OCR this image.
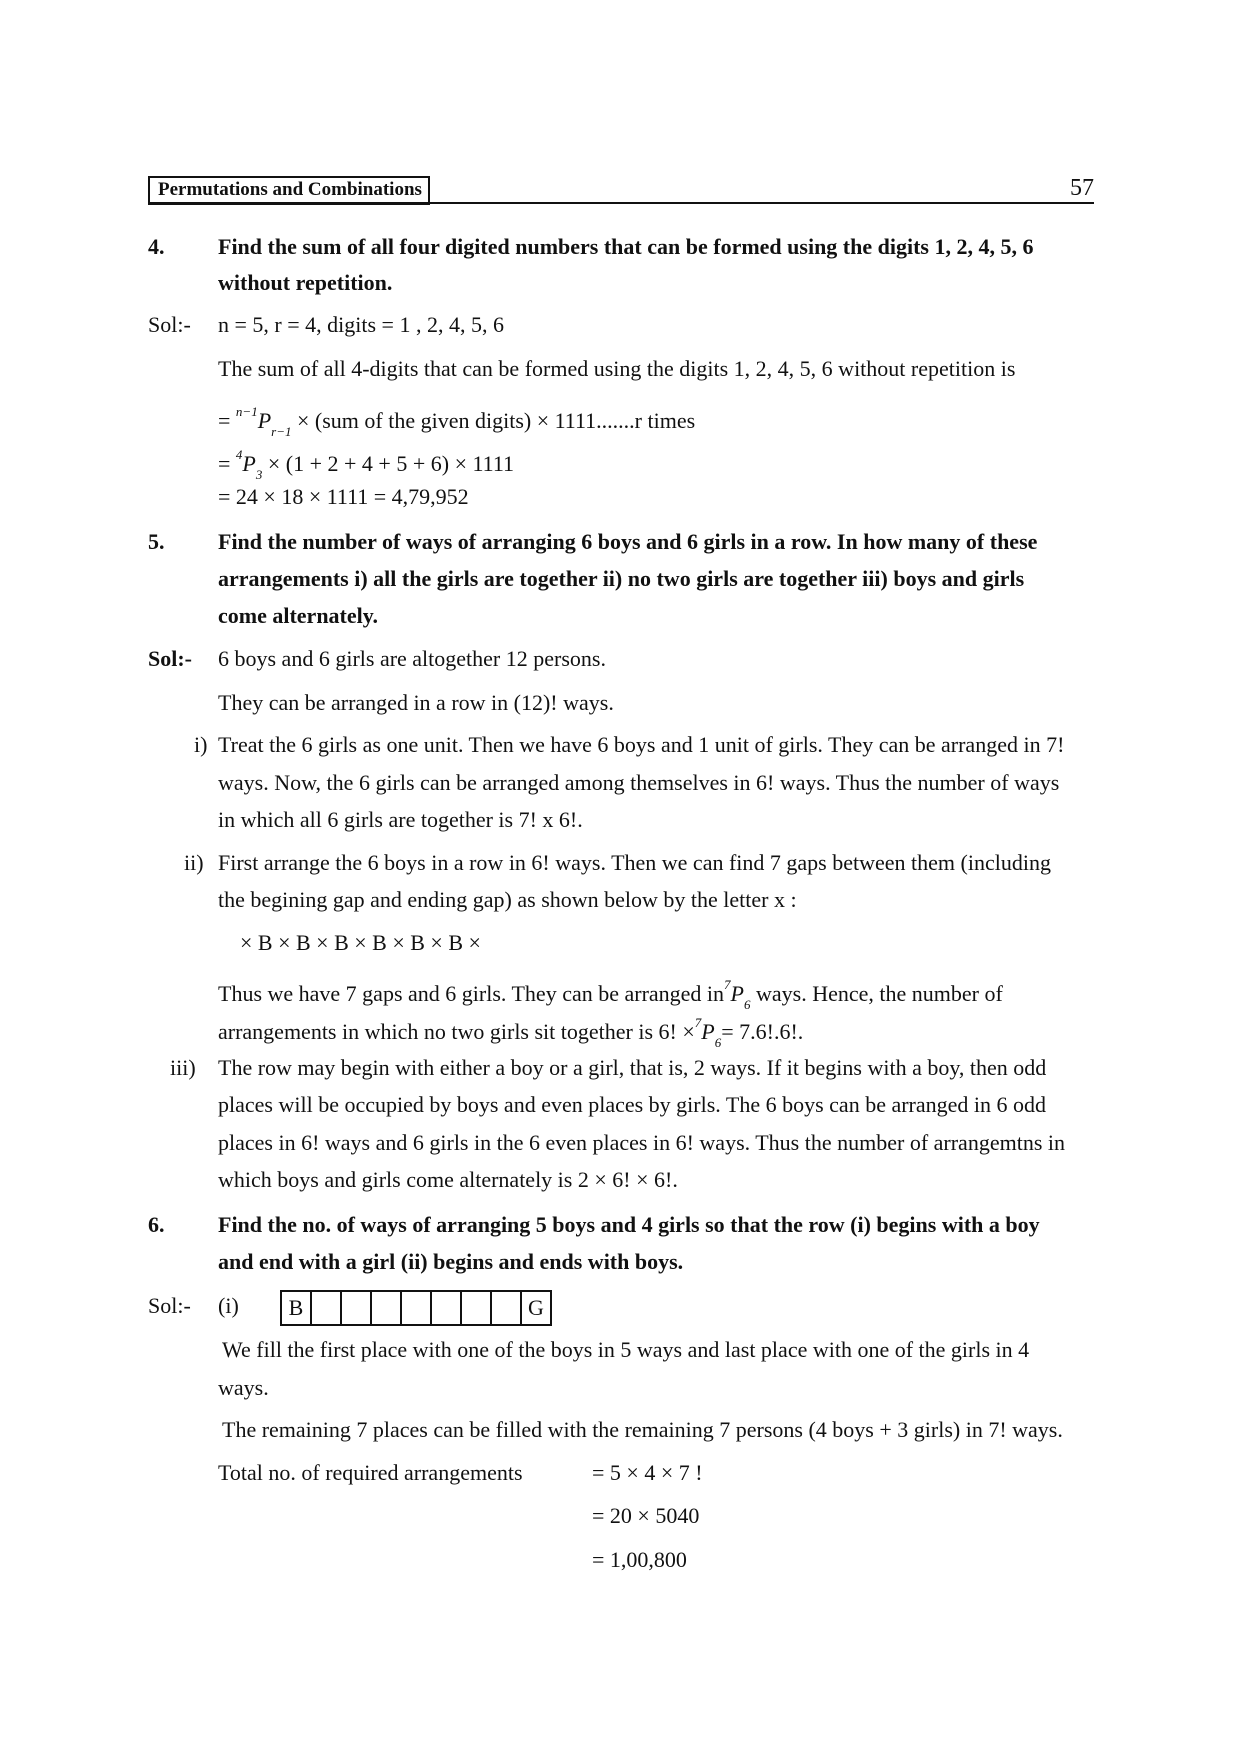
Permutations and Combinations	57
4. Find the sum of all four digited numbers that can be formed using the digits 1, 2, 4, 5, 6
without repetition.
Sol:- n = 5, r = 4, digits = 1 , 2, 4, 5, 6
The sum of all 4-digits that can be formed using the digits 1, 2, 4, 5, 6 without repetition is
= $^{n-1}P_{r-1} \times (sum$ of the given digits) × 1111.......r times
= $^4P_3 \times (1 + 2 + 4 + 5 + 6) \times 1111$
= 24 × 18 × 1111 = 4,79,952
5. Find the number of ways of arranging 6 boys and 6 girls in a row. In how many of these
arrangements i) all the girls are together ii) no two girls are together iii) boys and girls
come alternately.
Sol:- 6 boys and 6 girls are altogether 12 persons.
They can be arranged in a row in (12)! ways.
i) Treat the 6 girls as one unit. Then we have 6 boys and 1 unit of girls. They can be arranged in 7!
ways. Now, the 6 girls can be arranged among themselves in 6! ways. Thus the number of ways
in which all 6 girls are together is 7! x 6!.
ii) First arrange the 6 boys in a row in 6! ways. Then we can find 7 gaps between them (including
the begining gap and ending gap) as shown below by the letter x :
× B × B × B × B × B × B ×
Thus we have 7 gaps and 6 girls. They can be arranged $in^7P_6$ ways. Hence, the number of
arrangements in which no two girls sit together is 6! $\times^7P_6= 7.6!.6$!.
iii) The row may begin with either a boy or a girl, that is, 2 ways. If it begins with a boy, then odd
places will be occupied by boys and even places by girls. The 6 boys can be arranged in 6 odd
places in 6! ways and 6 girls in the 6 even places in 6! ways. Thus the number of arrangemtns in
which boys and girls come alternately is 2 × 6! × 6!.
6. Find the no. of ways of arranging 5 boys and 4 girls so that the row (i) begins with a boy
and end with a girl (ii) begins and ends with boys.
Sol:- (i)	B	G
We fill the first place with one of the boys in 5 ways and last place with one of the girls in 4
ways.
The remaining 7 places can be filled with the remaining 7 persons (4 boys + 3 girls) in 7! ways.
Total no. of required arrangements	= 5 × 4 × 7 !
= 20 × 5040
= 1,00,800
